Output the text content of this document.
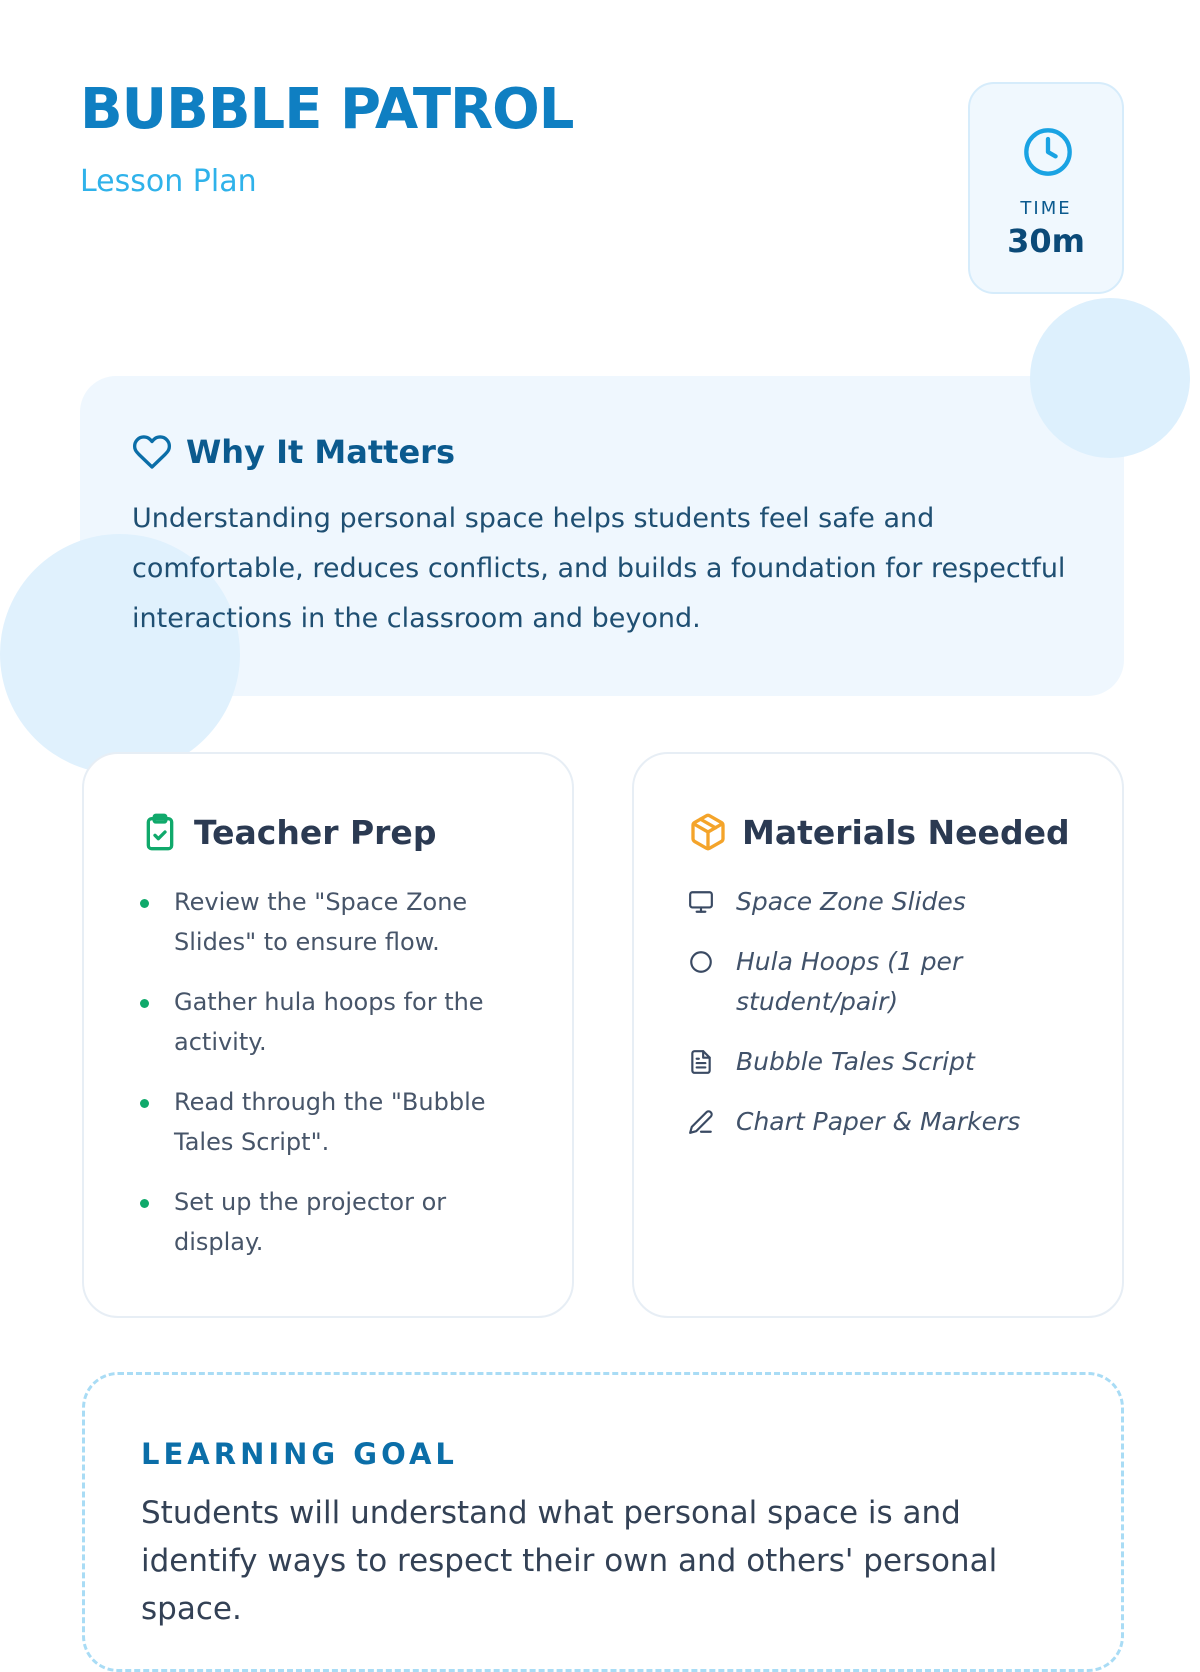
BUBBLE PATROL
Lesson Plan
TIME
30m
Why It Matters

Understanding personal space helps students feel safe and comfortable, reduces conflicts, and builds a foundation for respectful interactions in the classroom and beyond.

Teacher Prep
Review the "Space Zone Slides" to ensure flow.
Gather hula hoops for the activity.
Read through the "Bubble Tales Script".
Set up the projector or display.
Materials Needed
Space Zone Slides
Hula Hoops (1 per student/pair)
Bubble Tales Script
Chart Paper & Markers
LEARNING GOAL

Students will understand what personal space is and identify ways to respect their own and others' personal space.
